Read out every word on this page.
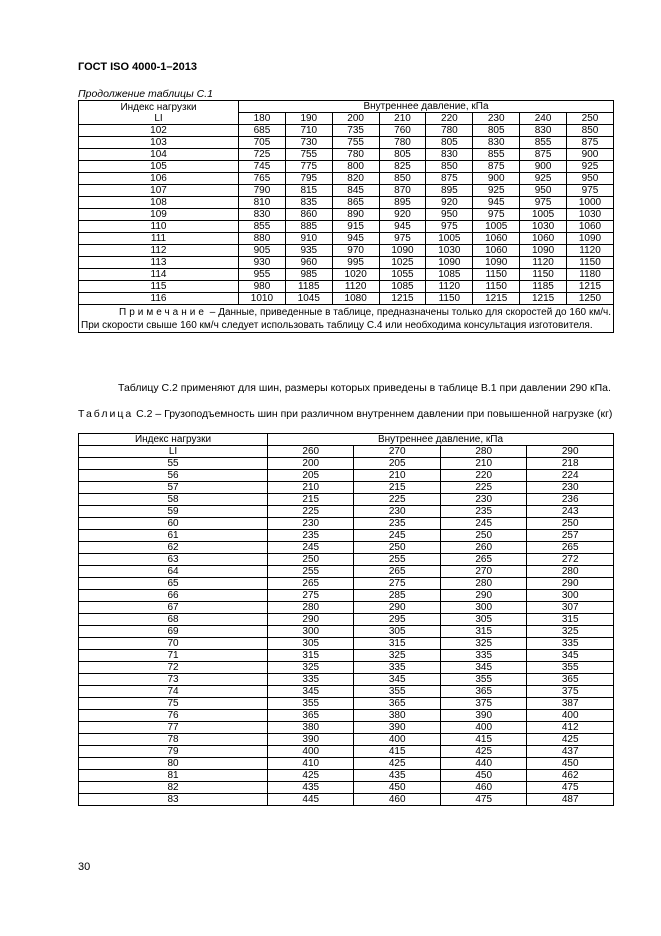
ГОСТ ISO 4000-1–2013
Продолжение таблицы С.1
Индекс нагрузки
LI	Внутреннее давление, кПа							
	180	190	200	210	220	230	240	250
102	685	710	735	760	780	805	830	850
103	705	730	755	780	805	830	855	875
104	725	755	780	805	830	855	875	900
105	745	775	800	825	850	875	900	925
106	765	795	820	850	875	900	925	950
107	790	815	845	870	895	925	950	975
108	810	835	865	895	920	945	975	1000
109	830	860	890	920	950	975	1005	1030
110	855	885	915	945	975	1005	1030	1060
111	880	910	945	975	1005	1060	1060	1090
112	905	935	970	1090	1030	1060	1090	1120
113	930	960	995	1025	1090	1090	1120	1150
114	955	985	1020	1055	1085	1150	1150	1180
115	980	1185	1120	1085	1120	1150	1185	1215
116	1010	1045	1080	1215	1150	1215	1215	1250
Примечание – Данные, приведенные в таблице, предназначены только для скоростей до 160 км/ч. При скорости свыше 160 км/ч следует использовать таблицу С.4 или необходима консультация изготовителя.								
Таблицу С.2 применяют для шин, размеры которых приведены в таблице В.1 при давлении 290 кПа.
Таблица С.2 – Грузоподъемность шин при различном внутреннем давлении при повышенной нагрузке (кг)
Индекс нагрузки	Внутреннее давление, кПа			
LI	260	270	280	290
55	200	205	210	218
56	205	210	220	224
57	210	215	225	230
58	215	225	230	236
59	225	230	235	243
60	230	235	245	250
61	235	245	250	257
62	245	250	260	265
63	250	255	265	272
64	255	265	270	280
65	265	275	280	290
66	275	285	290	300
67	280	290	300	307
68	290	295	305	315
69	300	305	315	325
70	305	315	325	335
71	315	325	335	345
72	325	335	345	355
73	335	345	355	365
74	345	355	365	375
75	355	365	375	387
76	365	380	390	400
77	380	390	400	412
78	390	400	415	425
79	400	415	425	437
80	410	425	440	450
81	425	435	450	462
82	435	450	460	475
83	445	460	475	487
30
